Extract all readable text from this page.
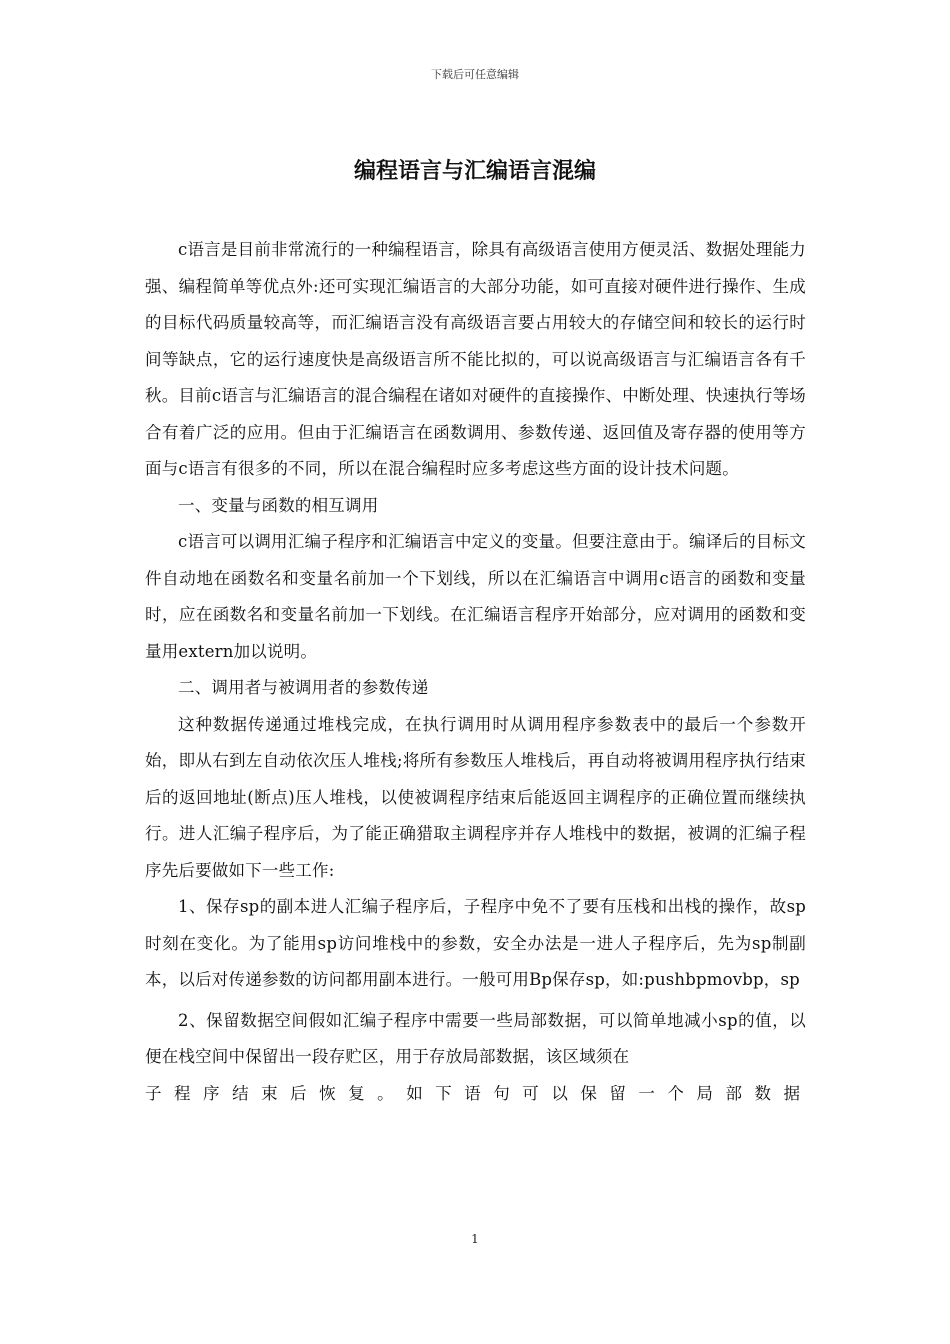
下载后可任意编辑
编程语言与汇编语言混编

c语言是目前非常流行的一种编程语言，除具有高级语言使用方便灵活、数据处理能力强、编程简单等优点外:还可实现汇编语言的大部分功能，如可直接对硬件进行操作、生成的目标代码质量较高等，而汇编语言没有高级语言要占用较大的存储空间和较长的运行时间等缺点，它的运行速度快是高级语言所不能比拟的，可以说高级语言与汇编语言各有千秋。目前c语言与汇编语言的混合编程在诸如对硬件的直接操作、中断处理、快速执行等场合有着广泛的应用。但由于汇编语言在函数调用、参数传递、返回值及寄存器的使用等方面与c语言有很多的不同，所以在混合编程时应多考虑这些方面的设计技术问题。

一、变量与函数的相互调用

c语言可以调用汇编子程序和汇编语言中定义的变量。但要注意由于。编译后的目标文件自动地在函数名和变量名前加一个下划线，所以在汇编语言中调用c语言的函数和变量时，应在函数名和变量名前加一下划线。在汇编语言程序开始部分，应对调用的函数和变量用extern加以说明。

二、调用者与被调用者的参数传递

这种数据传递通过堆栈完成，在执行调用时从调用程序参数表中的最后一个参数开始，即从右到左自动依次压人堆栈;将所有参数压人堆栈后，再自动将被调用程序执行结束后的返回地址(断点)压人堆栈，以使被调程序结束后能返回主调程序的正确位置而继续执行。进人汇编子程序后，为了能正确猎取主调程序并存人堆栈中的数据，被调的汇编子程序先后要做如下一些工作:

1、保存sp的副本进人汇编子程序后，子程序中免不了要有压栈和出栈的操作，故sp时刻在变化。为了能用sp访问堆栈中的参数，安全办法是一进人子程序后，先为sp制副本，以后对传递参数的访问都用副本进行。一般可用Bp保存sp，如:pushbpmovbp，sp

2、保留数据空间假如汇编子程序中需要一些局部数据，可以简单地减小sp的值，以便在栈空间中保留出一段存贮区，用于存放局部数据，该区域须在
子程序结束后恢复。如下语句可以保留一个局部数据

1
